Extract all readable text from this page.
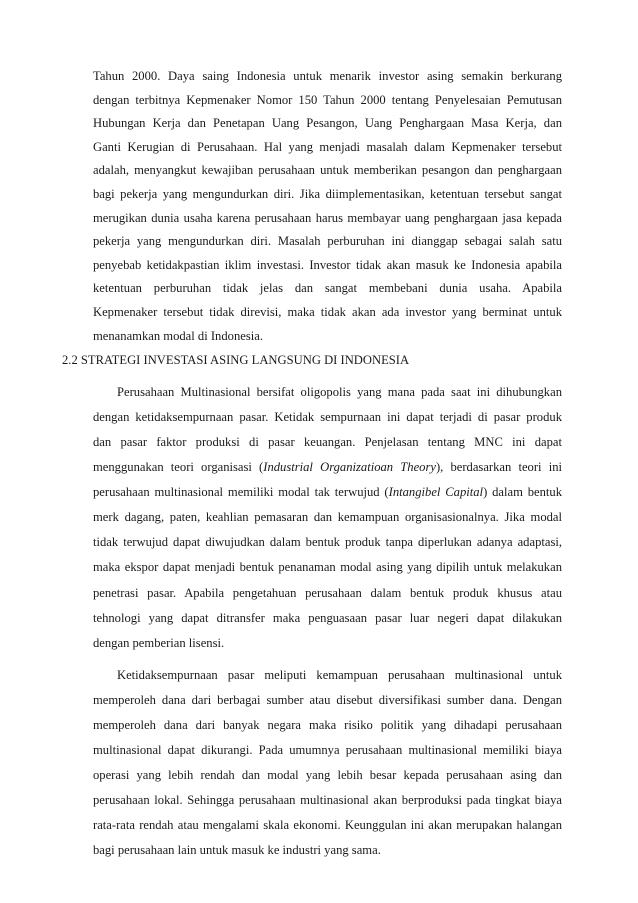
Tahun 2000. Daya saing Indonesia untuk menarik investor asing semakin berkurang
dengan terbitnya Kepmenaker Nomor 150 Tahun 2000 tentang Penyelesaian Pemutusan
Hubungan Kerja dan Penetapan Uang Pesangon, Uang Penghargaan Masa Kerja, dan
Ganti Kerugian di Perusahaan. Hal yang menjadi masalah dalam Kepmenaker tersebut
adalah, menyangkut kewajiban perusahaan untuk memberikan pesangon dan penghargaan
bagi pekerja yang mengundurkan diri. Jika diimplementasikan, ketentuan tersebut sangat
merugikan dunia usaha karena perusahaan harus membayar uang penghargaan jasa kepada
pekerja yang mengundurkan diri. Masalah perburuhan ini dianggap sebagai salah satu
penyebab ketidakpastian iklim investasi. Investor tidak akan masuk ke Indonesia apabila
ketentuan perburuhan tidak jelas dan sangat membebani dunia usaha. Apabila
Kepmenaker tersebut tidak direvisi, maka tidak akan ada investor yang berminat untuk
2.2 STRATEGI INVESTASI ASING LANGSUNG DI INDONESIA
Perusahaan Multinasional bersifat oligopolis yang mana pada saat ini dihubungkan
dengan ketidaksempurnaan pasar. Ketidak sempurnaan ini dapat terjadi di pasar produk
dan pasar faktor produksi di pasar keuangan. Penjelasan tentang MNC ini dapat
menggunakan teori organisasi (Industrial Organizatioan Theory), berdasarkan teori ini
perusahaan multinasional memiliki modal tak terwujud (Intangibel Capital) dalam bentuk
merk dagang, paten, keahlian pemasaran dan kemampuan organisasionalnya. Jika modal
tidak terwujud dapat diwujudkan dalam bentuk produk tanpa diperlukan adanya adaptasi,
maka ekspor dapat menjadi bentuk penanaman modal asing yang dipilih untuk melakukan
penetrasi pasar. Apabila pengetahuan perusahaan dalam bentuk produk khusus atau
tehnologi yang dapat ditransfer maka penguasaan pasar luar negeri dapat dilakukan
dengan pemberian lisensi.
Ketidaksempurnaan pasar meliputi kemampuan perusahaan multinasional untuk
memperoleh dana dari berbagai sumber atau disebut diversifikasi sumber dana. Dengan
memperoleh dana dari banyak negara maka risiko politik yang dihadapi perusahaan
multinasional dapat dikurangi. Pada umumnya perusahaan multinasional memiliki biaya
operasi yang lebih rendah dan modal yang lebih besar kepada perusahaan asing dan
perusahaan lokal. Sehingga perusahaan multinasional akan berproduksi pada tingkat biaya
rata-rata rendah atau mengalami skala ekonomi. Keunggulan ini akan merupakan halangan
bagi perusahaan lain untuk masuk ke industri yang sama.
menanamkan modal di Indonesia.
